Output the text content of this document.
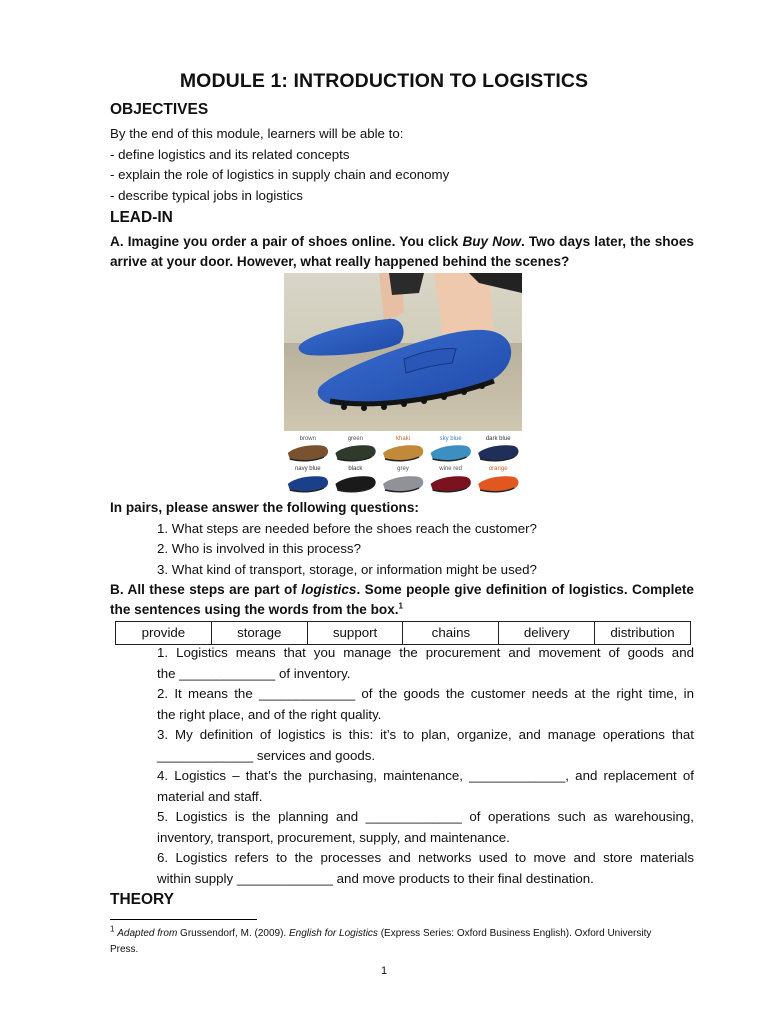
MODULE 1: INTRODUCTION TO LOGISTICS
OBJECTIVES
By the end of this module, learners will be able to:
- define logistics and its related concepts
- explain the role of logistics in supply chain and economy
- describe typical jobs in logistics
LEAD-IN
A. Imagine you order a pair of shoes online. You click Buy Now. Two days later, the shoes
arrive at your door. However, what really happened behind the scenes?
brown	green	khaki	sky blue	dark blue
navy blue	black	grey	wine red	orange
In pairs, please answer the following questions:
1. What steps are needed before the shoes reach the customer?
2. Who is involved in this process?
3. What kind of transport, storage, or information might be used?
B. All these steps are part of logistics. Some people give definition of logistics. Complete
the sentences using the words from the box.$^1$
provide	storage	support	chains	delivery	distribution
1. Logistics means that you manage the procurement and movement of goods and
the _____________ of inventory.
2. It means the _____________ of the goods the customer needs at the right time, in
the right place, and of the right quality.
3. My definition of logistics is this: it’s to plan, organize, and manage operations that
_____________ services and goods.
4. Logistics – that’s the purchasing, maintenance, _____________, and replacement of
material and staff.
5. Logistics is the planning and _____________ of operations such as warehousing,
inventory, transport, procurement, supply, and maintenance.
6. Logistics refers to the processes and networks used to move and store materials
within supply _____________ and move products to their final destination.
THEORY
$^1$ Adapted from Grussendorf, M. (2009). English for Logistics (Express Series: Oxford Business English). Oxford University
Press.
1
